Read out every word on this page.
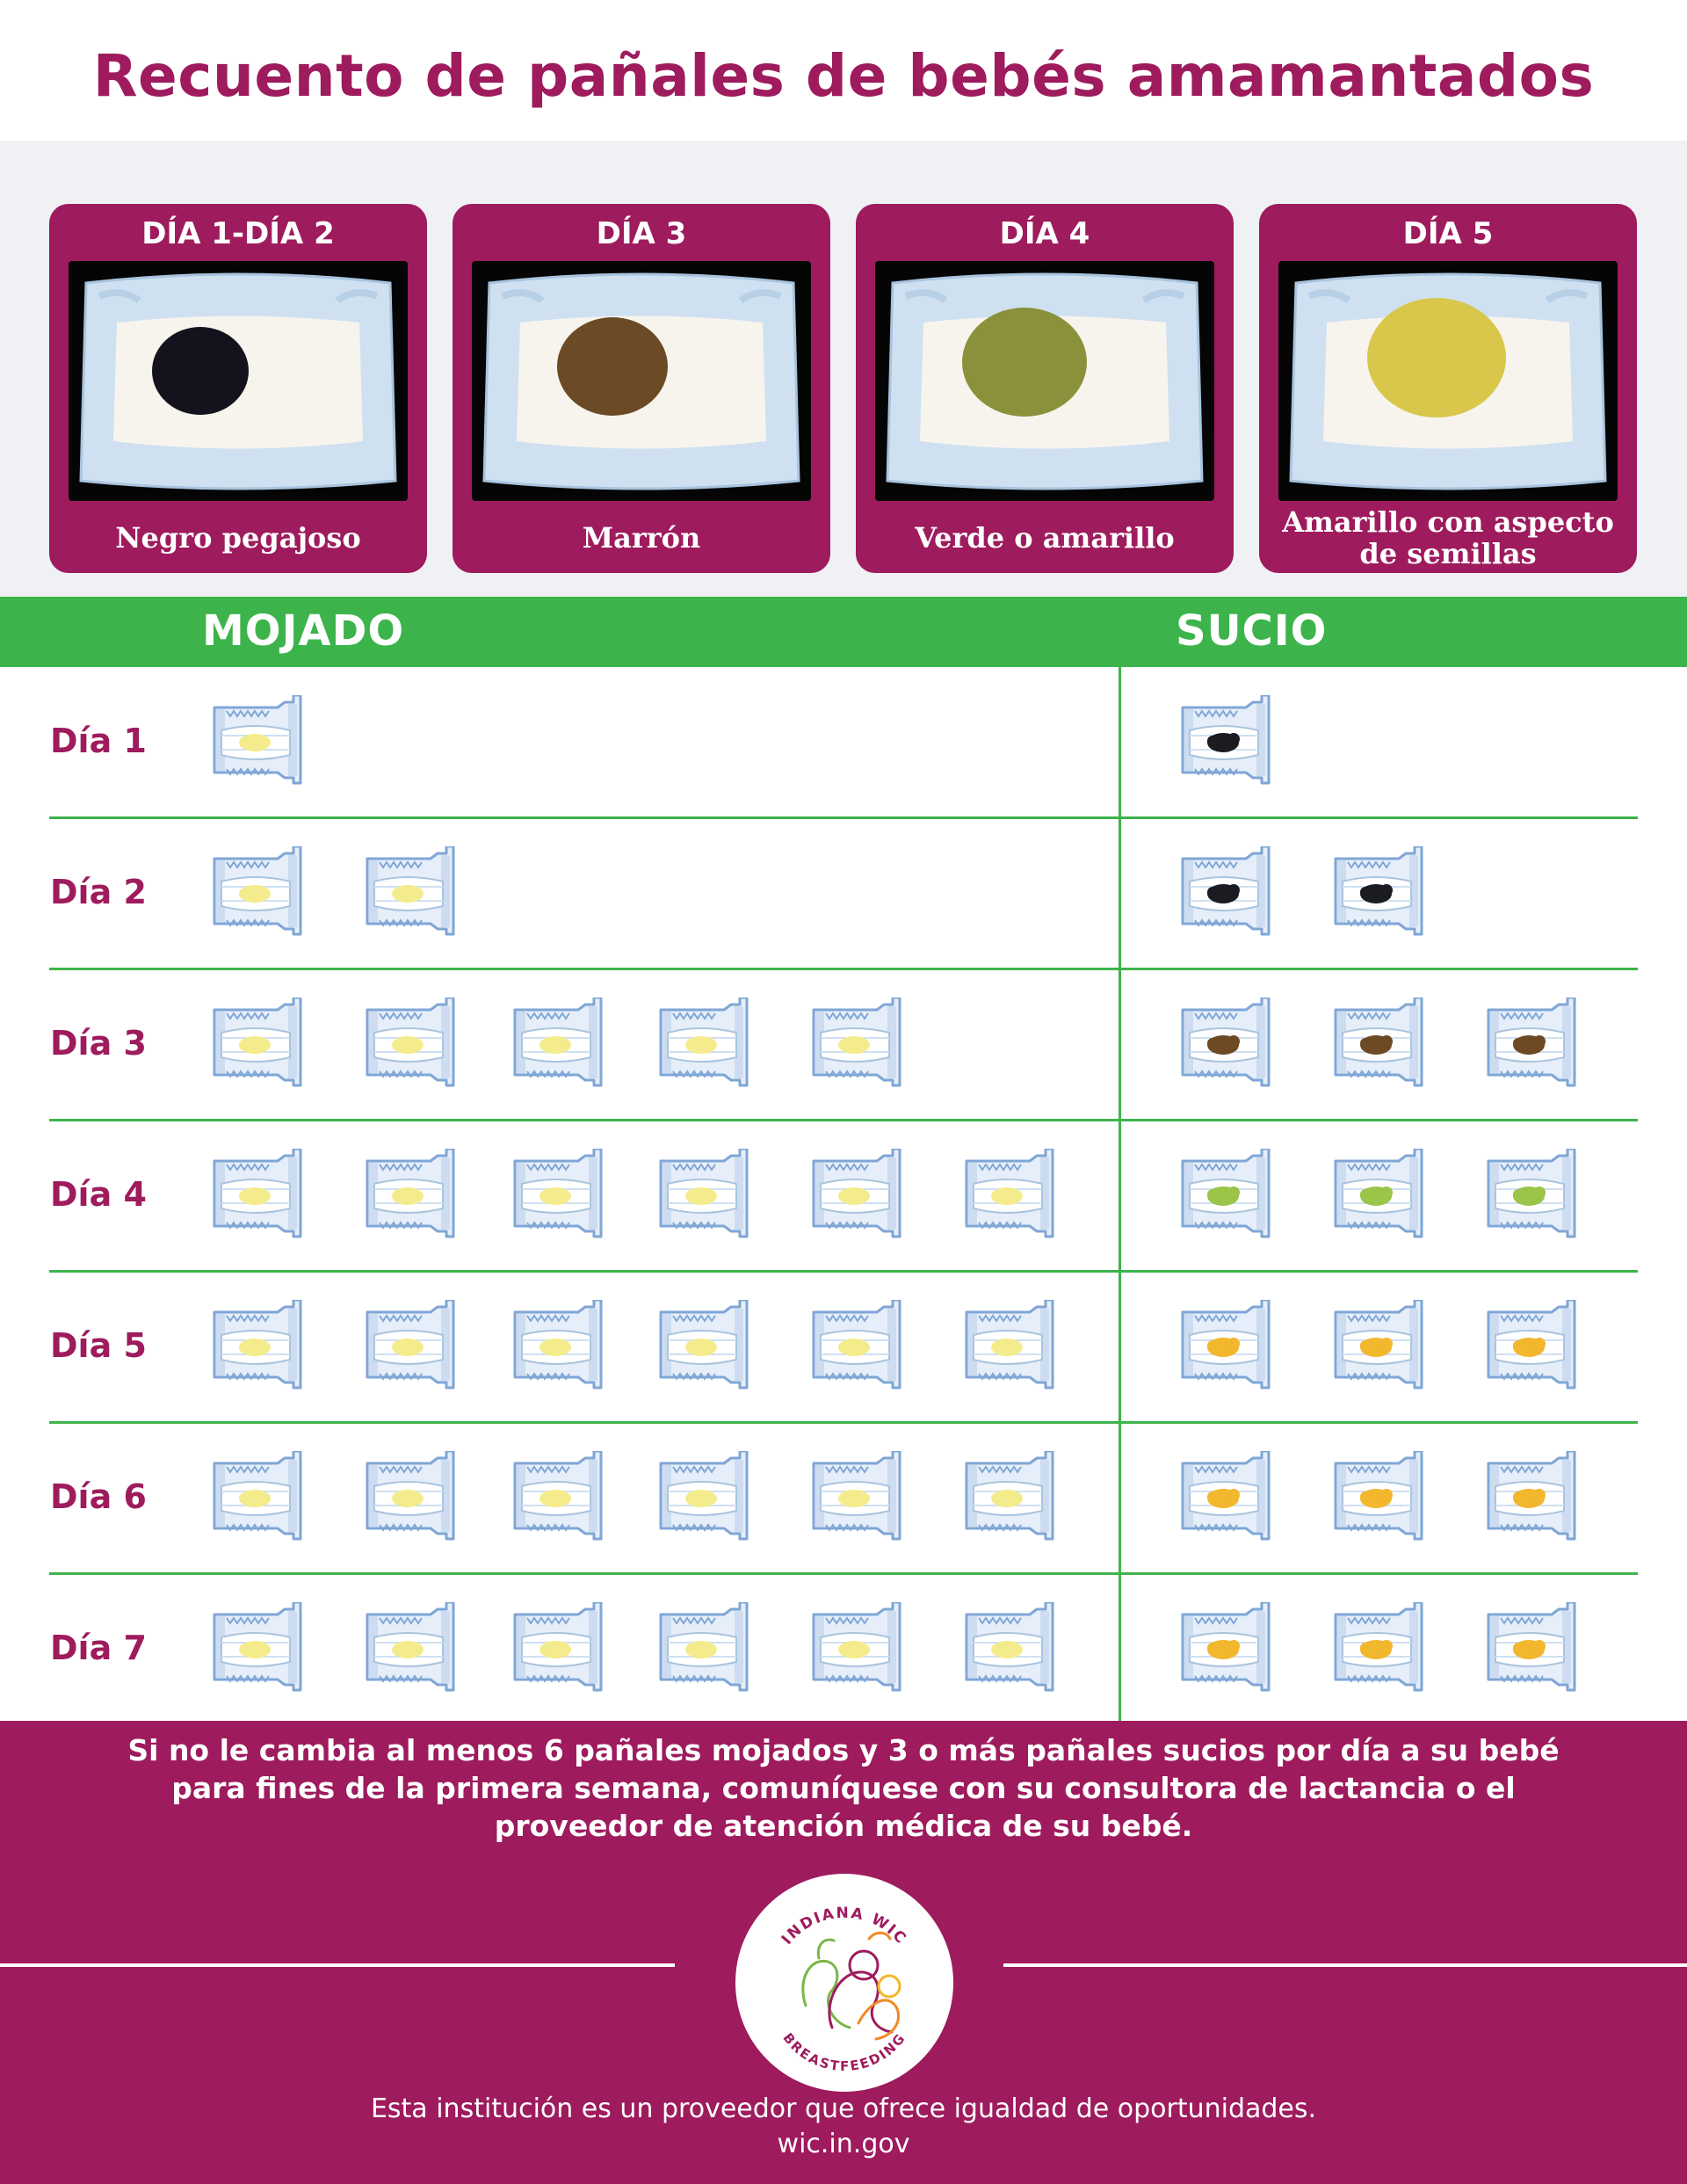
Recuento de pañales de bebés amamantados
DÍA 1-DÍA 2
Negro pegajoso
DÍA 3
Marrón
DÍA 4
Verde o amarillo
DÍA 5
Amarillo con aspecto de semillas
MOJADO	SUCIO
Día 1
Día 2
Día 3
Día 4
Día 5
Día 6
Día 7
Si no le cambia al menos 6 pañales mojados y 3 o más pañales sucios por día a su bebé para fines de la primera semana, comuníquese con su consultora de lactancia o el proveedor de atención médica de su bebé.
INDIANA WIC
BREASTFEEDING
Esta institución es un proveedor que ofrece igualdad de oportunidades.
wic.in.gov
